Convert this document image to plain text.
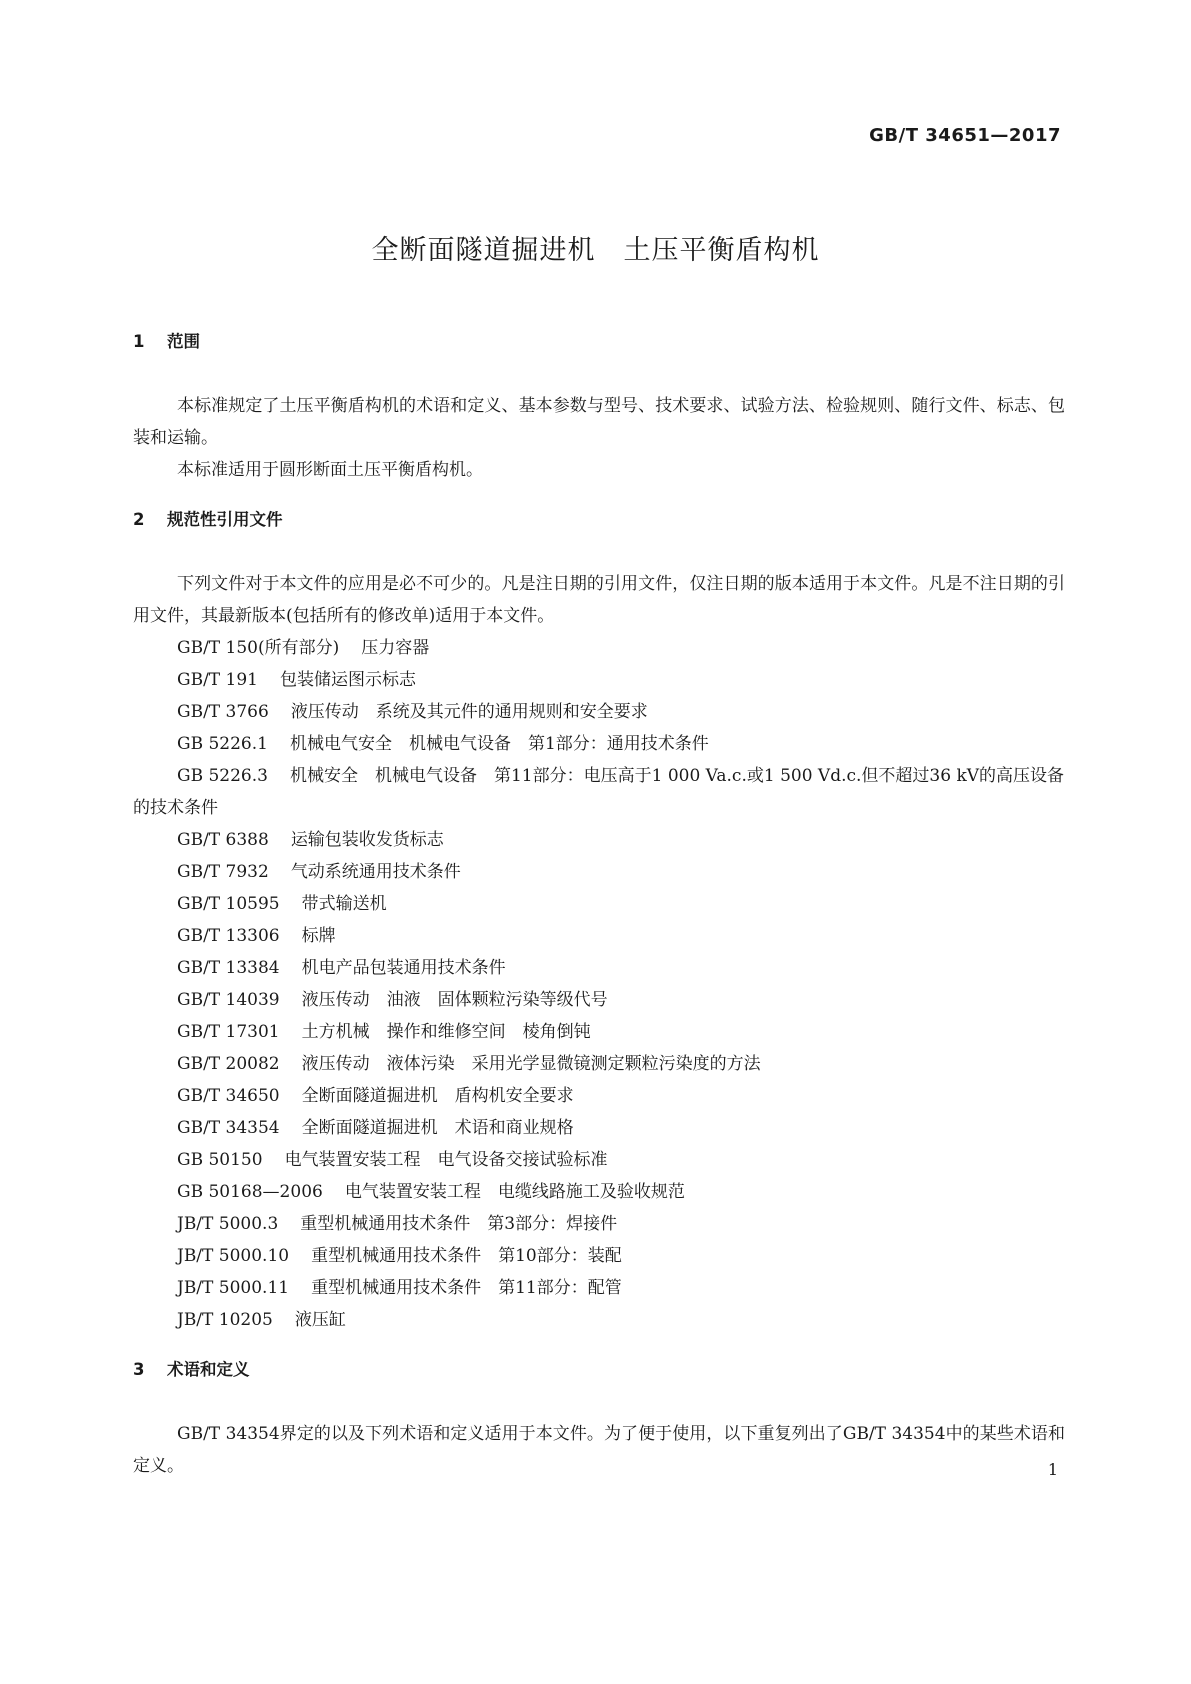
GB/T 34651—2017
全断面隧道掘进机　土压平衡盾构机
1 范围
本标准规定了土压平衡盾构机的术语和定义、基本参数与型号、技术要求、试验方法、检验规则、随行文件、标志、包装和运输。
本标准适用于圆形断面土压平衡盾构机。
2 规范性引用文件
下列文件对于本文件的应用是必不可少的。凡是注日期的引用文件，仅注日期的版本适用于本文件。凡是不注日期的引用文件，其最新版本(包括所有的修改单)适用于本文件。
GB/T 150(所有部分) 压力容器
GB/T 191 包装储运图示标志
GB/T 3766 液压传动　系统及其元件的通用规则和安全要求
GB 5226.1 机械电气安全　机械电气设备　第1部分：通用技术条件
GB 5226.3 机械安全　机械电气设备　第11部分：电压高于1 000 Va.c.或1 500 Vd.c.但不超过36 kV的高压设备的技术条件
GB/T 6388 运输包装收发货标志
GB/T 7932 气动系统通用技术条件
GB/T 10595 带式输送机
GB/T 13306 标牌
GB/T 13384 机电产品包装通用技术条件
GB/T 14039 液压传动　油液　固体颗粒污染等级代号
GB/T 17301 土方机械　操作和维修空间　棱角倒钝
GB/T 20082 液压传动　液体污染　采用光学显微镜测定颗粒污染度的方法
GB/T 34650 全断面隧道掘进机　盾构机安全要求
GB/T 34354 全断面隧道掘进机　术语和商业规格
GB 50150 电气装置安装工程　电气设备交接试验标准
GB 50168—2006 电气装置安装工程　电缆线路施工及验收规范
JB/T 5000.3 重型机械通用技术条件　第3部分：焊接件
JB/T 5000.10 重型机械通用技术条件　第10部分：装配
JB/T 5000.11 重型机械通用技术条件　第11部分：配管
JB/T 10205 液压缸
3 术语和定义
GB/T 34354界定的以及下列术语和定义适用于本文件。为了便于使用，以下重复列出了GB/T 34354中的某些术语和定义。	1
